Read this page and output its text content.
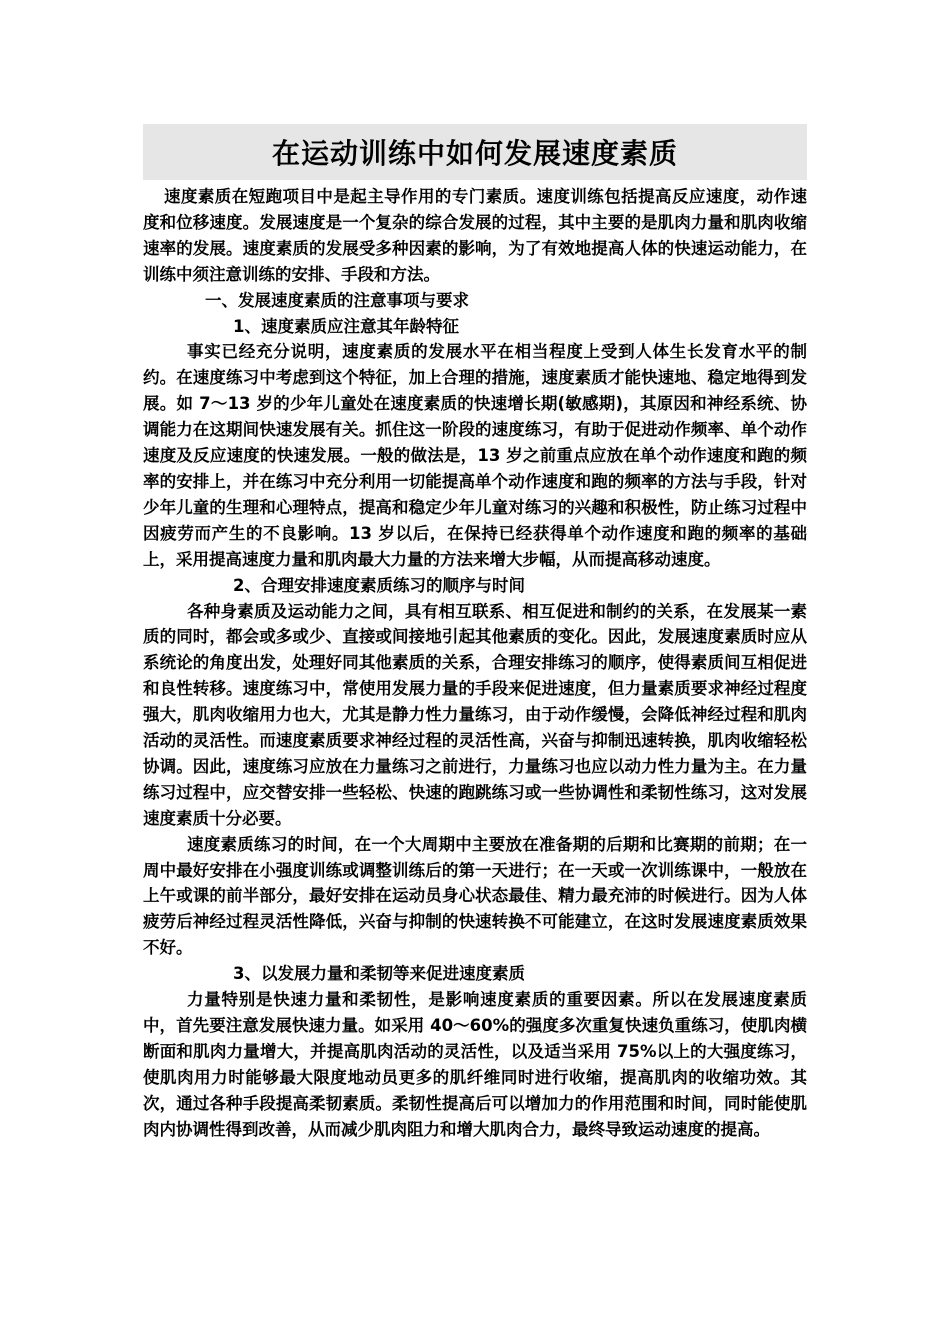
在运动训练中如何发展速度素质

速度素质在短跑项目中是起主导作用的专门素质。速度训练包括提高反应速度，动作速度和位移速度。发展速度是一个复杂的综合发展的过程，其中主要的是肌肉力量和肌肉收缩速率的发展。速度素质的发展受多种因素的影响，为了有效地提高人体的快速运动能力，在训练中须注意训练的安排、手段和方法。

一、发展速度素质的注意事项与要求

1、速度素质应注意其年龄特征

事实已经充分说明，速度素质的发展水平在相当程度上受到人体生长发育水平的制约。在速度练习中考虑到这个特征，加上合理的措施，速度素质才能快速地、稳定地得到发展。如 7～13 岁的少年儿童处在速度素质的快速增长期(敏感期)，其原因和神经系统、协调能力在这期间快速发展有关。抓住这一阶段的速度练习，有助于促进动作频率、单个动作速度及反应速度的快速发展。一般的做法是，13 岁之前重点应放在单个动作速度和跑的频率的安排上，并在练习中充分利用一切能提高单个动作速度和跑的频率的方法与手段，针对少年儿童的生理和心理特点，提高和稳定少年儿童对练习的兴趣和积极性，防止练习过程中因疲劳而产生的不良影响。13 岁以后，在保持已经获得单个动作速度和跑的频率的基础上，采用提高速度力量和肌肉最大力量的方法来增大步幅，从而提高移动速度。

2、合理安排速度素质练习的顺序与时间

各种身素质及运动能力之间，具有相互联系、相互促进和制约的关系，在发展某一素质的同时，都会或多或少、直接或间接地引起其他素质的变化。因此，发展速度素质时应从系统论的角度出发，处理好同其他素质的关系，合理安排练习的顺序，使得素质间互相促进和良性转移。速度练习中，常使用发展力量的手段来促进速度，但力量素质要求神经过程度强大，肌肉收缩用力也大，尤其是静力性力量练习，由于动作缓慢，会降低神经过程和肌肉活动的灵活性。而速度素质要求神经过程的灵活性高，兴奋与抑制迅速转换，肌肉收缩轻松协调。因此，速度练习应放在力量练习之前进行，力量练习也应以动力性力量为主。在力量练习过程中，应交替安排一些轻松、快速的跑跳练习或一些协调性和柔韧性练习，这对发展速度素质十分必要。

速度素质练习的时间，在一个大周期中主要放在准备期的后期和比赛期的前期；在一周中最好安排在小强度训练或调整训练后的第一天进行；在一天或一次训练课中，一般放在上午或课的前半部分，最好安排在运动员身心状态最佳、精力最充沛的时候进行。因为人体疲劳后神经过程灵活性降低，兴奋与抑制的快速转换不可能建立，在这时发展速度素质效果不好。

3、以发展力量和柔韧等来促进速度素质

力量特别是快速力量和柔韧性，是影响速度素质的重要因素。所以在发展速度素质中，首先要注意发展快速力量。如采用 40～60%的强度多次重复快速负重练习，使肌肉横断面和肌肉力量增大，并提高肌肉活动的灵活性，以及适当采用 75%以上的大强度练习，使肌肉用力时能够最大限度地动员更多的肌纤维同时进行收缩，提高肌肉的收缩功效。其次，通过各种手段提高柔韧素质。柔韧性提高后可以增加力的作用范围和时间，同时能使肌肉内协调性得到改善，从而减少肌肉阻力和增大肌肉合力，最终导致运动速度的提高。
